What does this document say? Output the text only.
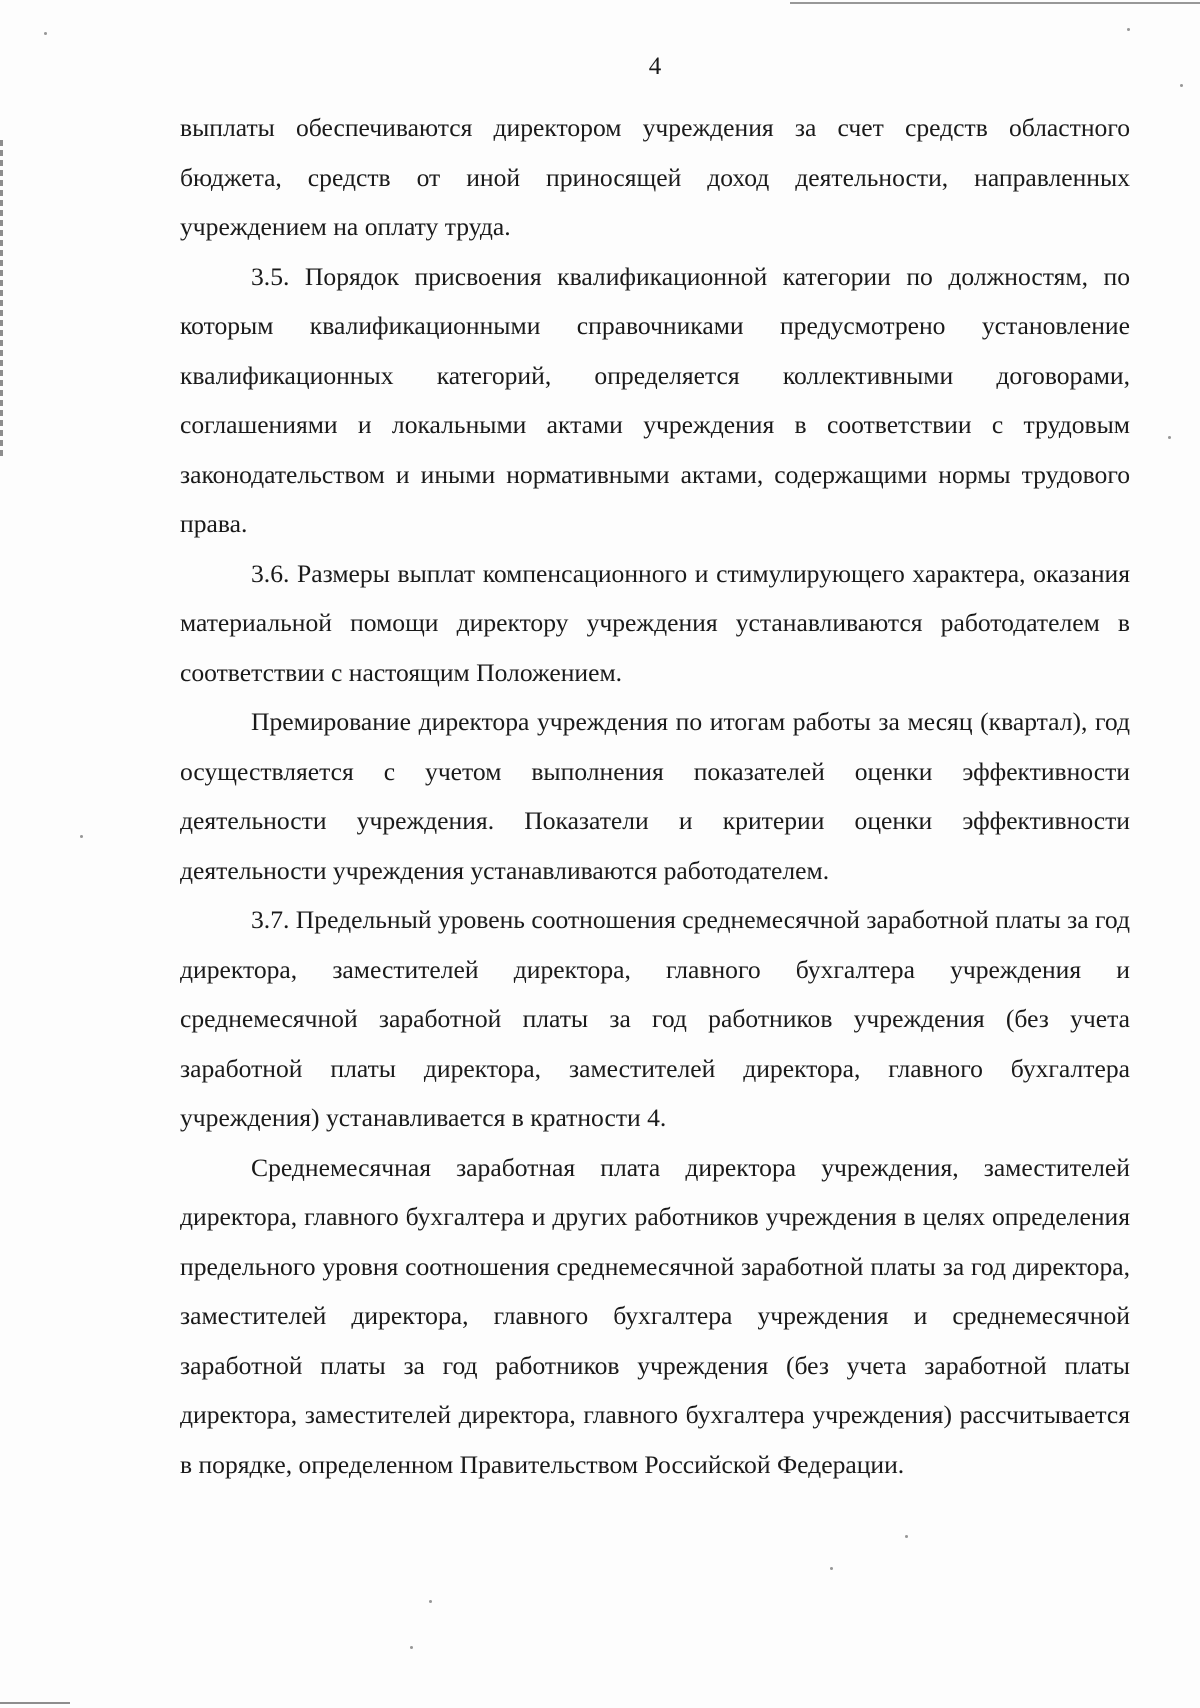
4

выплаты обеспечиваются директором учреждения за счет средств областного бюджета, средств от иной приносящей доход деятельности, направленных учреждением на оплату труда.

3.5. Порядок присвоения квалификационной категории по должностям, по которым квалификационными справочниками предусмотрено установление квалификационных категорий, определяется коллективными договорами, соглашениями и локальными актами учреждения в соответствии с трудовым законодательством и иными нормативными актами, содержащими нормы трудового права.

3.6. Размеры выплат компенсационного и стимулирующего характера, оказания материальной помощи директору учреждения устанавливаются работодателем в соответствии с настоящим Положением.

Премирование директора учреждения по итогам работы за месяц (квартал), год осуществляется с учетом выполнения показателей оценки эффективности деятельности учреждения. Показатели и критерии оценки эффективности деятельности учреждения устанавливаются работодателем.

3.7. Предельный уровень соотношения среднемесячной заработной платы за год директора, заместителей директора, главного бухгалтера учреждения и среднемесячной заработной платы за год работников учреждения (без учета заработной платы директора, заместителей директора, главного бухгалтера учреждения) устанавливается в кратности 4.

Среднемесячная заработная плата директора учреждения, заместителей директора, главного бухгалтера и других работников учреждения в целях определения предельного уровня соотношения среднемесячной заработной платы за год директора, заместителей директора, главного бухгалтера учреждения и среднемесячной заработной платы за год работников учреждения (без учета заработной платы директора, заместителей директора, главного бухгалтера учреждения) рассчитывается в порядке, определенном Правительством Российской Федерации.
